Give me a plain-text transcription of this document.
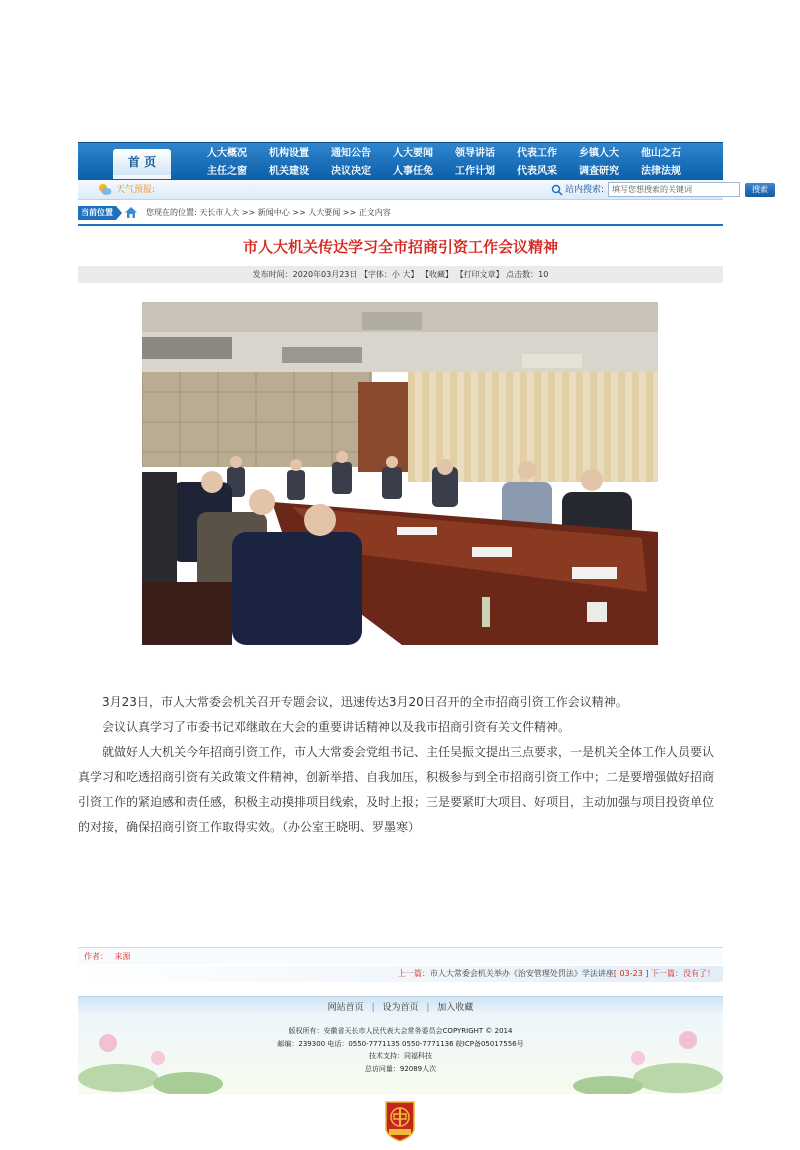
首 页
人大概况	机构设置	通知公告	人大要闻	领导讲话	代表工作	乡镇人大	他山之石
主任之窗	机关建设	决议决定	人事任免	工作计划	代表风采	调查研究	法律法规
天气预报:	站内搜索: 填写您想搜索的关键词	搜索
当前位置	您现在的位置: 天长市人大 >> 新闻中心 >> 人大要闻 >> 正文内容
市人大机关传达学习全市招商引资工作会议精神
发布时间：2020年03月23日 【字体：小 大】 【收藏】 【打印文章】 点击数：10

3月23日，市人大常委会机关召开专题会议，迅速传达3月20日召开的全市招商引资工作会议精神。

会议认真学习了市委书记邓继敢在大会的重要讲话精神以及我市招商引资有关文件精神。

就做好人大机关今年招商引资工作，市人大常委会党组书记、主任吴振文提出三点要求，一是机关全体工作人员要认真学习和吃透招商引资有关政策文件精神，创新举措、自我加压，积极参与到全市招商引资工作中；二是要增强做好招商引资工作的紧迫感和责任感，积极主动摸排项目线索，及时上报；三是要紧盯大项目、好项目，主动加强与项目投资单位的对接，确保招商引资工作取得实效。（办公室王晓明、罗墨寒）

作者： 来源
上一篇：市人大常委会机关举办《治安管理处罚法》学法讲座[ 03-23 ] 下一篇：没有了！
网站首页 | 设为首页 | 加入收藏
版权所有：安徽省天长市人民代表大会常务委员会COPYRIGHT © 2014
邮编：239300 电话：0550-7771135 0550-7771136 皖ICP备05017556号
技术支持：同福科技
总访问量：92089人次
